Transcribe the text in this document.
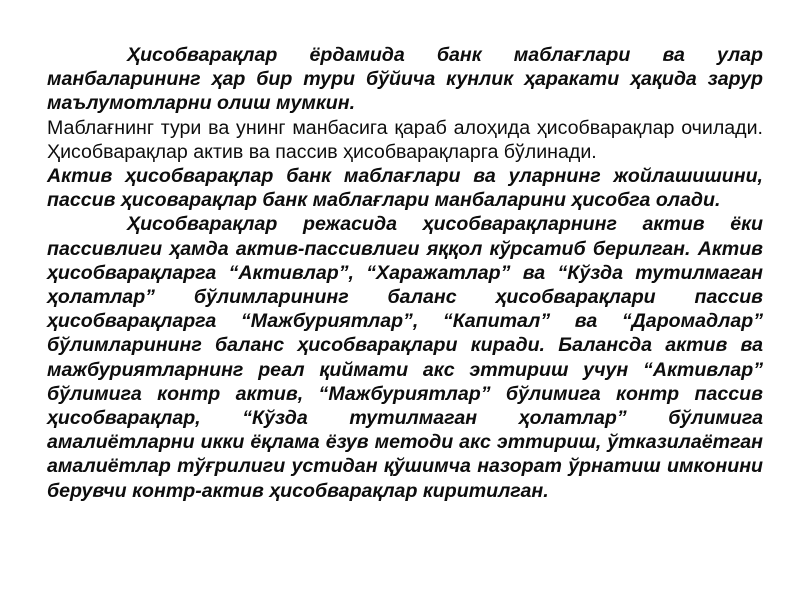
Ҳисобварақлар ёрдамида банк маблағлари ва улар манбаларининг ҳар бир тури бўйича кунлик ҳаракати ҳақида зарур маълумотларни олиш мумкин.

Маблағнинг тури ва унинг манбасига қараб алоҳида ҳисобварақлар очилади. Ҳисобварақлар актив ва пассив ҳисобварақларга бўлинади.

Актив ҳисобварақлар банк маблағлари ва уларнинг жойлашишини, пассив ҳисоварақлар банк маблағлари манбаларини ҳисобга олади.

Ҳисобварақлар режасида ҳисобварақларнинг актив ёки пассивлиги ҳамда актив-пассивлиги яққол кўрсатиб берилган. Актив ҳисобварақларга “Активлар”, “Харажатлар” ва “Кўзда тутилмаган ҳолатлар” бўлимларининг баланс ҳисобварақлари пассив ҳисобварақларга “Мажбуриятлар”, “Капитал” ва “Даромадлар” бўлимларининг баланс ҳисобварақлари киради. Балансда актив ва мажбуриятларнинг реал қиймати акс эттириш учун “Активлар” бўлимига контр актив, “Мажбуриятлар” бўлимига контр пассив ҳисобварақлар, “Кўзда тутилмаган ҳолатлар” бўлимига амалиётларни икки ёқлама ёзув методи акс эттириш, ўтказилаётган амалиётлар тўғрилиги устидан қўшимча назорат ўрнатиш имконини берувчи контр-актив ҳисобварақлар киритилган.
